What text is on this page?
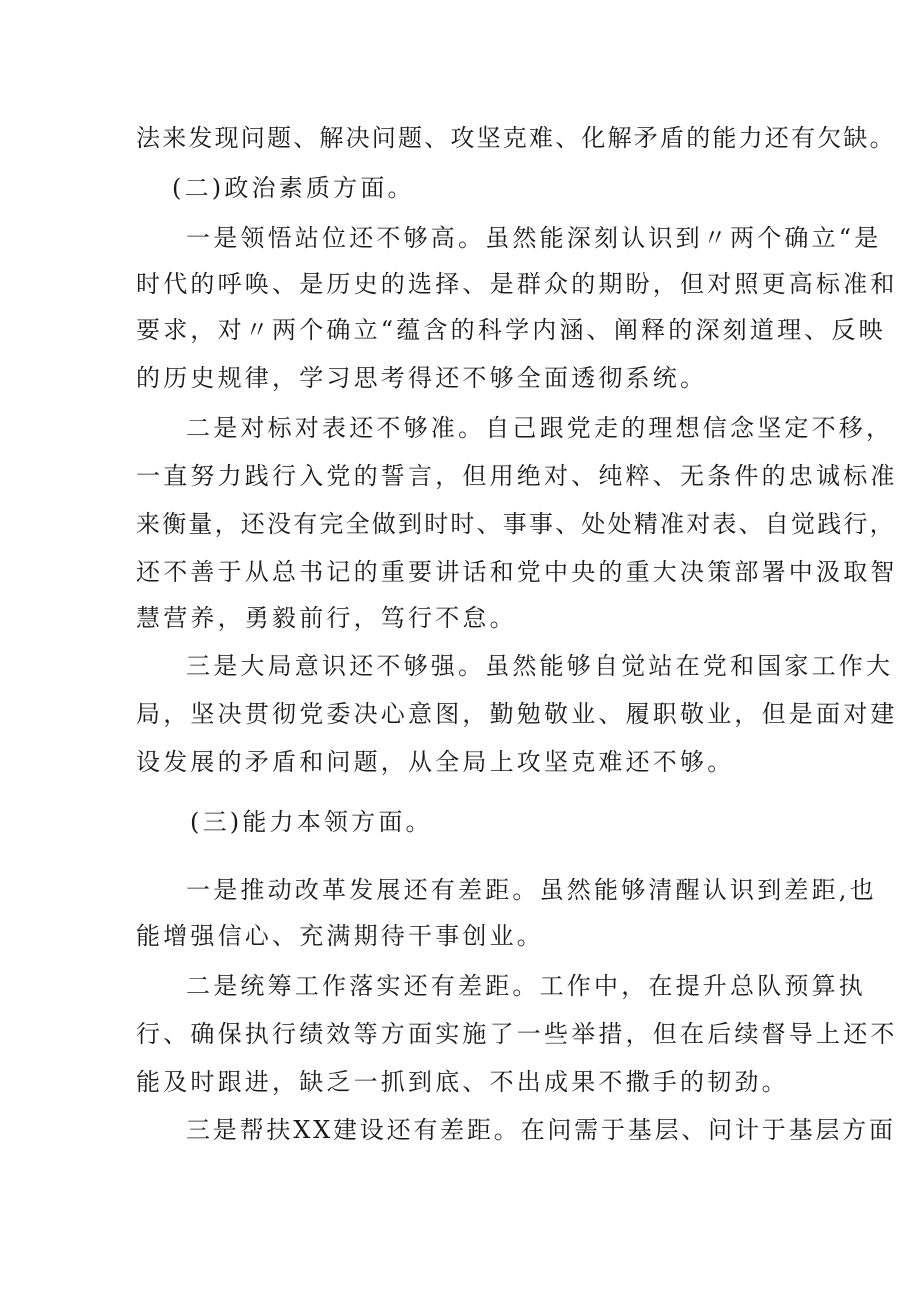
法来发现问题、解决问题、攻坚克难、化解矛盾的能力还有欠缺。
(二)政治素质方面。
一是领悟站位还不够高。虽然能深刻认识到〃两个确立“是
时代的呼唤、是历史的选择、是群众的期盼，但对照更高标准和
要求，对〃两个确立“蕴含的科学内涵、阐释的深刻道理、反映
的历史规律，学习思考得还不够全面透彻系统。
二是对标对表还不够准。自己跟党走的理想信念坚定不移，
一直努力践行入党的誓言，但用绝对、纯粹、无条件的忠诚标准
来衡量，还没有完全做到时时、事事、处处精准对表、自觉践行，
还不善于从总书记的重要讲话和党中央的重大决策部署中汲取智
慧营养，勇毅前行，笃行不怠。
三是大局意识还不够强。虽然能够自觉站在党和国家工作大
局，坚决贯彻党委决心意图，勤勉敬业、履职敬业，但是面对建
设发展的矛盾和问题，从全局上攻坚克难还不够。
(三)能力本领方面。
一是推动改革发展还有差距。虽然能够清醒认识到差距,也
能增强信心、充满期待干事创业。
二是统筹工作落实还有差距。工作中，在提升总队预算执
行、确保执行绩效等方面实施了一些举措，但在后续督导上还不
能及时跟进，缺乏一抓到底、不出成果不撒手的韧劲。
三是帮扶XX建设还有差距。在问需于基层、问计于基层方面
